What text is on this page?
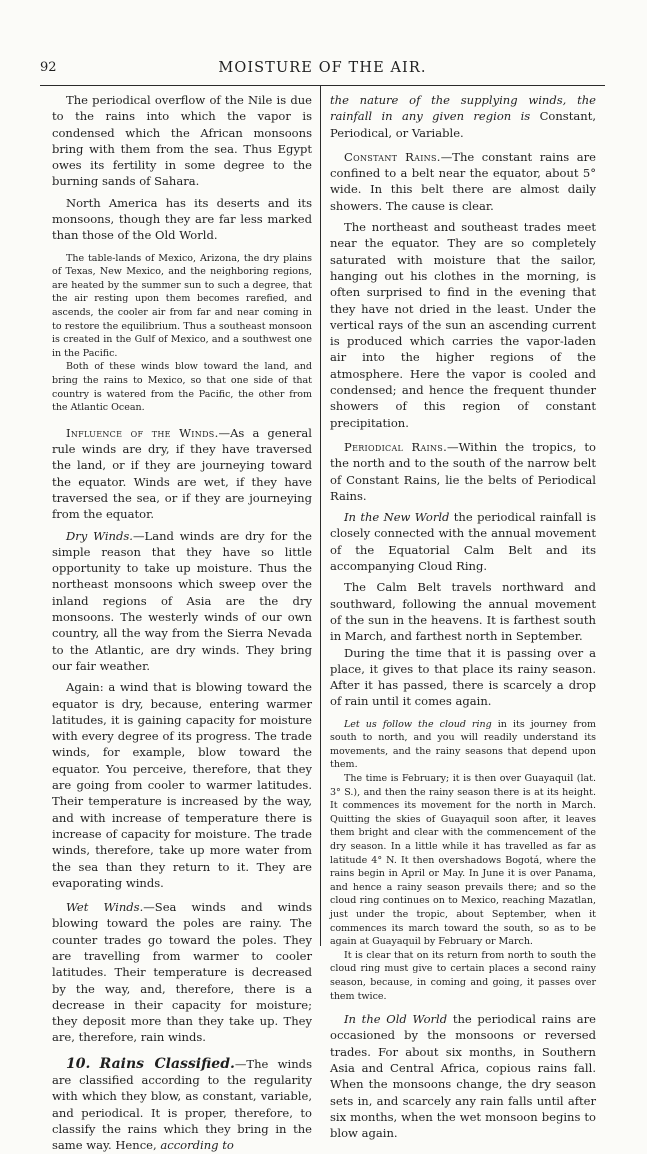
92	MOISTURE OF THE AIR.

The periodical overflow of the Nile is due to the rains into which the vapor is condensed which the African monsoons bring with them from the sea. Thus Egypt owes its fertility in some degree to the burning sands of Sahara.

North America has its deserts and its monsoons, though they are far less marked than those of the Old World.

The table-lands of Mexico, Arizona, the dry plains of Texas, New Mexico, and the neighboring regions, are heated by the summer sun to such a degree, that the air resting upon them becomes rarefied, and ascends, the cooler air from far and near coming in to restore the equilibrium. Thus a southeast monsoon is created in the Gulf of Mexico, and a southwest one in the Pacific.

Both of these winds blow toward the land, and bring the rains to Mexico, so that one side of that country is watered from the Pacific, the other from the Atlantic Ocean.

Influence of the Winds.—As a general rule winds are dry, if they have traversed the land, or if they are journeying toward the equator. Winds are wet, if they have traversed the sea, or if they are journeying from the equator.

Dry Winds.—Land winds are dry for the simple reason that they have so little opportunity to take up moisture. Thus the northeast monsoons which sweep over the inland regions of Asia are the dry monsoons. The westerly winds of our own country, all the way from the Sierra Nevada to the Atlantic, are dry winds. They bring our fair weather.

Again: a wind that is blowing toward the equator is dry, because, entering warmer latitudes, it is gaining capacity for moisture with every degree of its progress. The trade winds, for example, blow toward the equator. You perceive, therefore, that they are going from cooler to warmer latitudes. Their temperature is increased by the way, and with increase of temperature there is increase of capacity for moisture. The trade winds, therefore, take up more water from the sea than they return to it. They are evaporating winds.

Wet Winds.—Sea winds and winds blowing toward the poles are rainy. The counter trades go toward the poles. They are travelling from warmer to cooler latitudes. Their temperature is decreased by the way, and, therefore, there is a decrease in their capacity for moisture; they deposit more than they take up. They are, therefore, rain winds.

10. Rains Classified.—The winds are classified according to the regularity with which they blow, as constant, variable, and periodical. It is proper, therefore, to classify the rains which they bring in the same way. Hence, according to

the nature of the supplying winds, the rainfall in any given region is Constant, Periodical, or Variable.

Constant Rains.—The constant rains are confined to a belt near the equator, about 5° wide. In this belt there are almost daily showers. The cause is clear.

The northeast and southeast trades meet near the equator. They are so completely saturated with moisture that the sailor, hanging out his clothes in the morning, is often surprised to find in the evening that they have not dried in the least. Under the vertical rays of the sun an ascending current is produced which carries the vapor-laden air into the higher regions of the atmosphere. Here the vapor is cooled and condensed; and hence the frequent thunder showers of this region of constant precipitation.

Periodical Rains.—Within the tropics, to the north and to the south of the narrow belt of Constant Rains, lie the belts of Periodical Rains.

In the New World the periodical rainfall is closely connected with the annual movement of the Equatorial Calm Belt and its accompanying Cloud Ring.

The Calm Belt travels northward and southward, following the annual movement of the sun in the heavens. It is farthest south in March, and farthest north in September.

During the time that it is passing over a place, it gives to that place its rainy season. After it has passed, there is scarcely a drop of rain until it comes again.

Let us follow the cloud ring in its journey from south to north, and you will readily understand its movements, and the rainy seasons that depend upon them.

The time is February; it is then over Guayaquil (lat. 3° S.), and then the rainy season there is at its height. It commences its movement for the north in March. Quitting the skies of Guayaquil soon after, it leaves them bright and clear with the commencement of the dry season. In a little while it has travelled as far as latitude 4° N. It then overshadows Bogotá, where the rains begin in April or May. In June it is over Panama, and hence a rainy season prevails there; and so the cloud ring continues on to Mexico, reaching Mazatlan, just under the tropic, about September, when it commences its march toward the south, so as to be again at Guayaquil by February or March.

It is clear that on its return from north to south the cloud ring must give to certain places a second rainy season, because, in coming and going, it passes over them twice.

In the Old World the periodical rains are occasioned by the monsoons or reversed trades. For about six months, in Southern Asia and Central Africa, copious rains fall. When the monsoons change, the dry season sets in, and scarcely any rain falls until after six months, when the wet monsoon begins to blow again.
